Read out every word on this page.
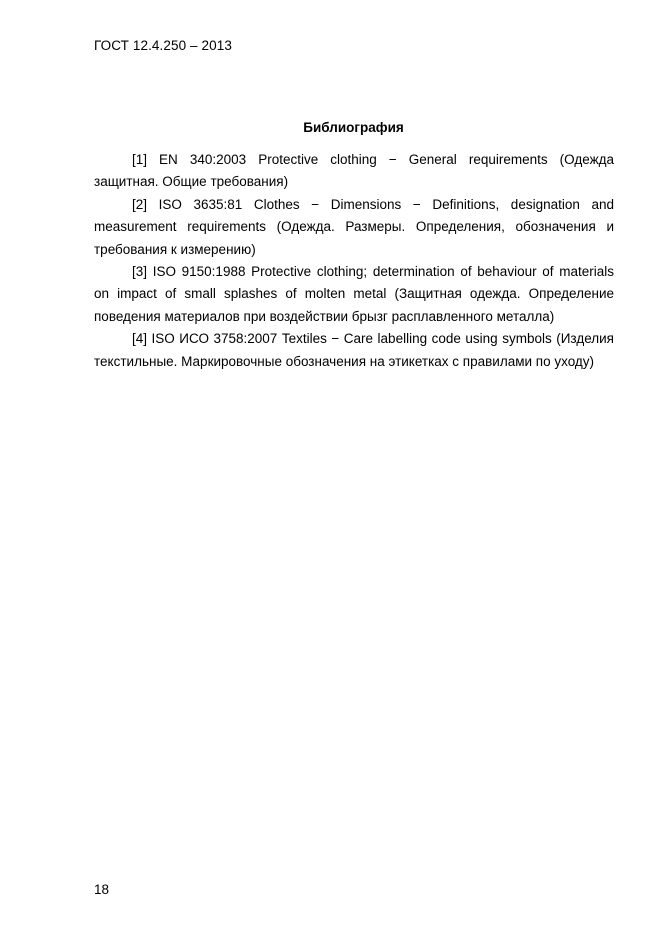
ГОСТ 12.4.250 – 2013
Библиография

[1] EN 340:2003 Protective clothing − General requirements (Одежда защитная. Общие требования)

[2] ISO 3635:81 Clothes − Dimensions − Definitions, designation and measurement requirements (Одежда. Размеры. Определения, обозначения и требования к измерению)

[3] ISO 9150:1988 Protective clothing; determination of behaviour of materials on impact of small splashes of molten metal (Защитная одежда. Определение поведения материалов при воздействии брызг расплавленного металла)

[4] ISO ИСО 3758:2007 Textiles − Care labelling code using symbols (Изделия текстильные. Маркировочные обозначения на этикетках с правилами по уходу)

18
